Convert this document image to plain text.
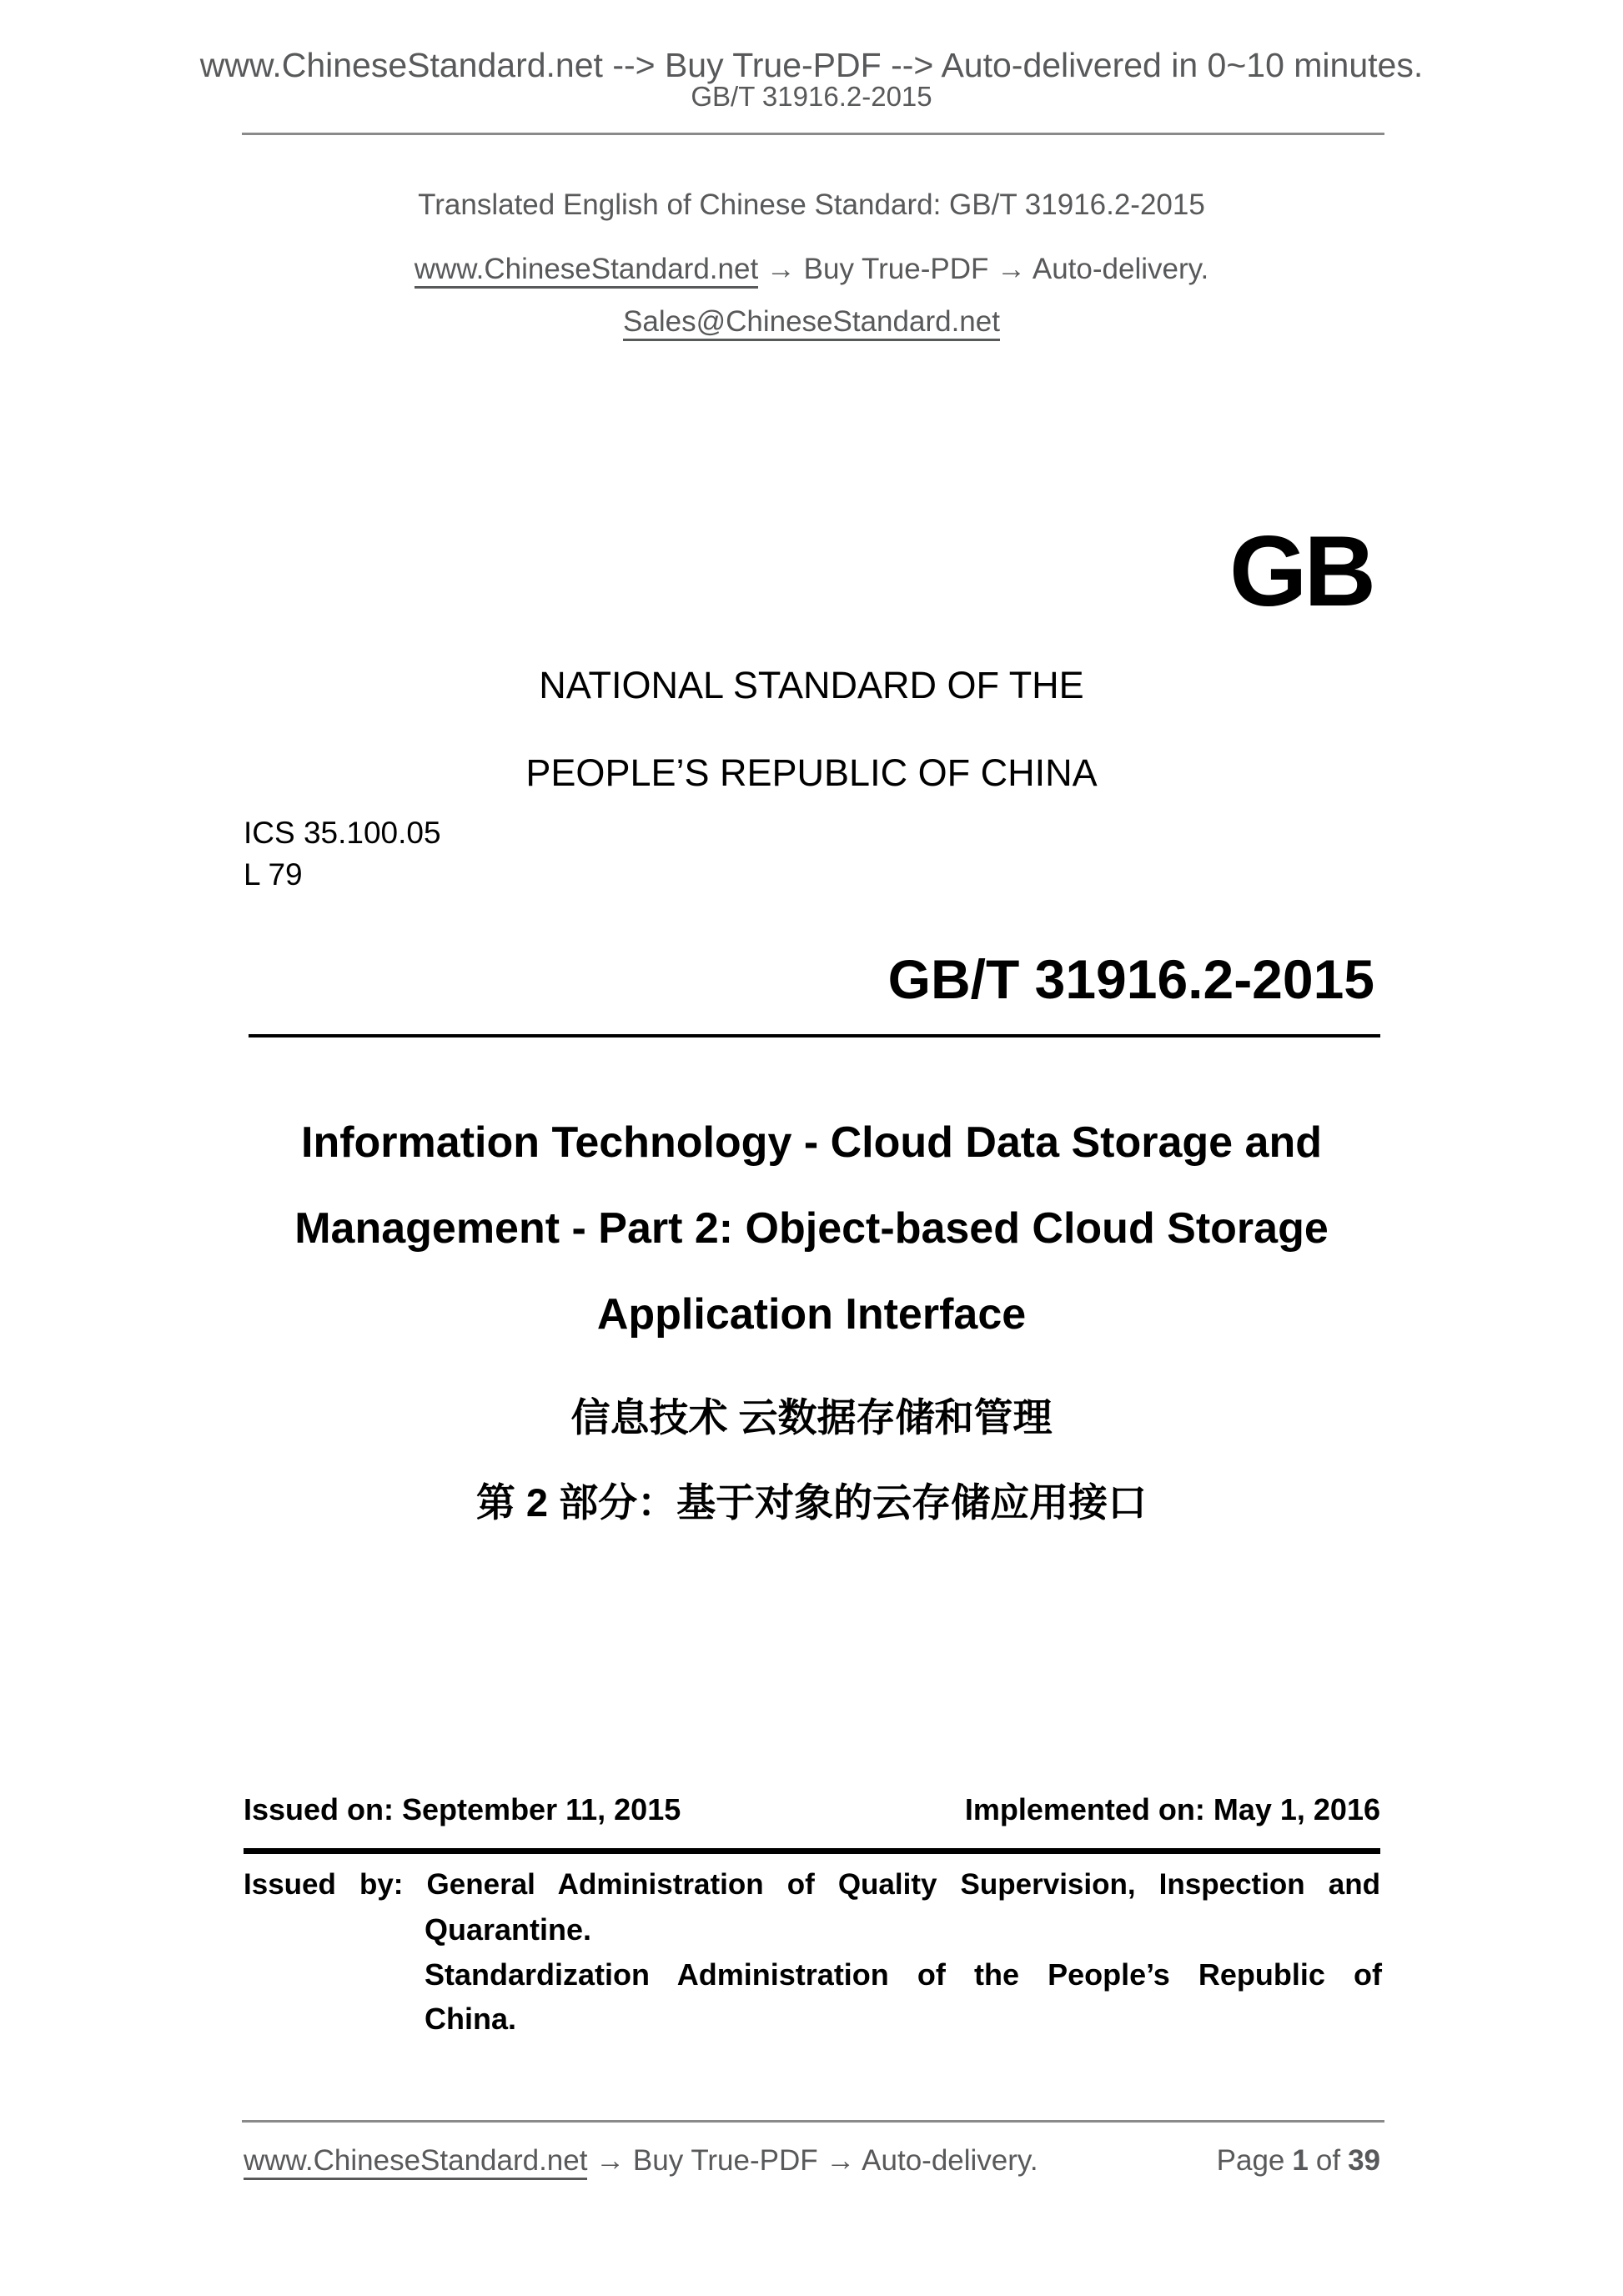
www.ChineseStandard.net --> Buy True-PDF --> Auto-delivered in 0~10 minutes.
GB/T 31916.2-2015
Translated English of Chinese Standard: GB/T 31916.2-2015
www.ChineseStandard.net → Buy True-PDF → Auto-delivery.
Sales@ChineseStandard.net
GB
NATIONAL STANDARD OF THE
PEOPLE’S REPUBLIC OF CHINA
ICS 35.100.05
L 79
GB/T 31916.2-2015
Information Technology - Cloud Data Storage and
Management - Part 2: Object-based Cloud Storage
Application Interface
信息技术 云数据存储和管理
第 2 部分：基于对象的云存储应用接口
Issued on: September 11, 2015	Implemented on: May 1, 2016
Issued by: General Administration of Quality Supervision, Inspection and
Quarantine.
Standardization Administration of the People’s Republic of
China.
www.ChineseStandard.net → Buy True-PDF → Auto-delivery.	Page 1 of 39
